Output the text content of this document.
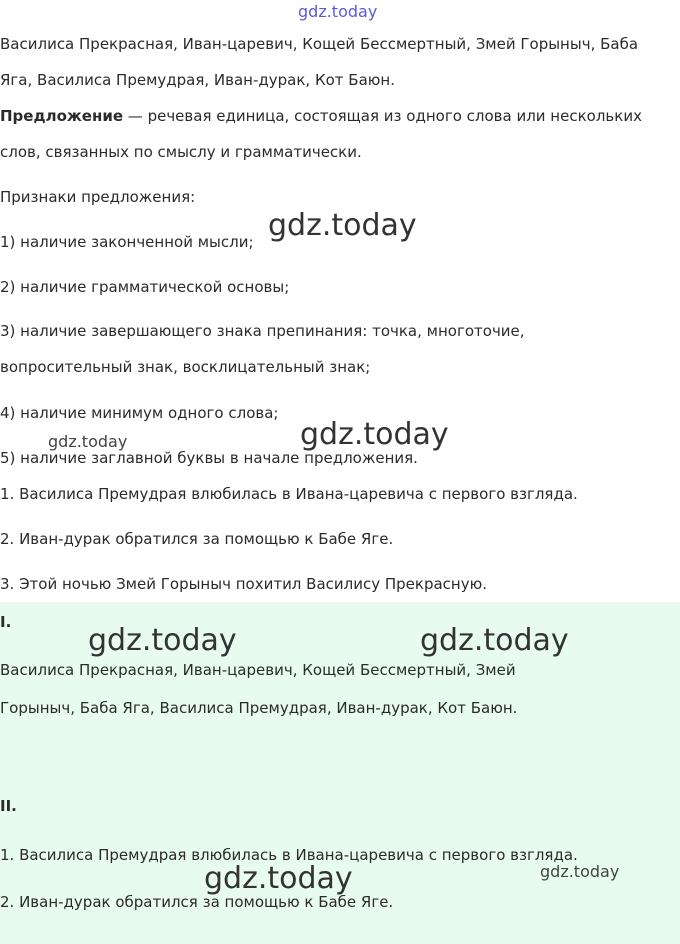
gdz.today
Василиса Прекрасная, Иван-царевич, Кощей Бессмертный, Змей Горыныч, Баба
Яга, Василиса Премудрая, Иван-дурак, Кот Баюн.
Предложение — речевая единица, состоящая из одного слова или нескольких
слов, связанных по смыслу и грамматически.
Признаки предложения:
1) наличие законченной мысли; gdz.today
2) наличие грамматической основы;
3) наличие завершающего знака препинания: точка, многоточие,
вопросительный знак, восклицательный знак;
4) наличие минимум одного слова;
gdz.today
gdz.today
5) наличие заглавной буквы в начале предложения.
1. Василиса Премудрая влюбилась в Ивана-царевича с первого взгляда.
2. Иван-дурак обратился за помощью к Бабе Яге.
3. Этой ночью Змей Горыныч похитил Василису Прекрасную.
I.
gdz.today	gdz.today
Василиса Прекрасная, Иван-царевич, Кощей Бессмертный, Змей
Горыныч, Баба Яга, Василиса Премудрая, Иван-дурак, Кот Баюн.
II.
1. Василиса Премудрая влюбилась в Ивана-царевича с первого взгляда.
gdz.today	gdz.today
2. Иван-дурак обратился за помощью к Бабе Яге.
